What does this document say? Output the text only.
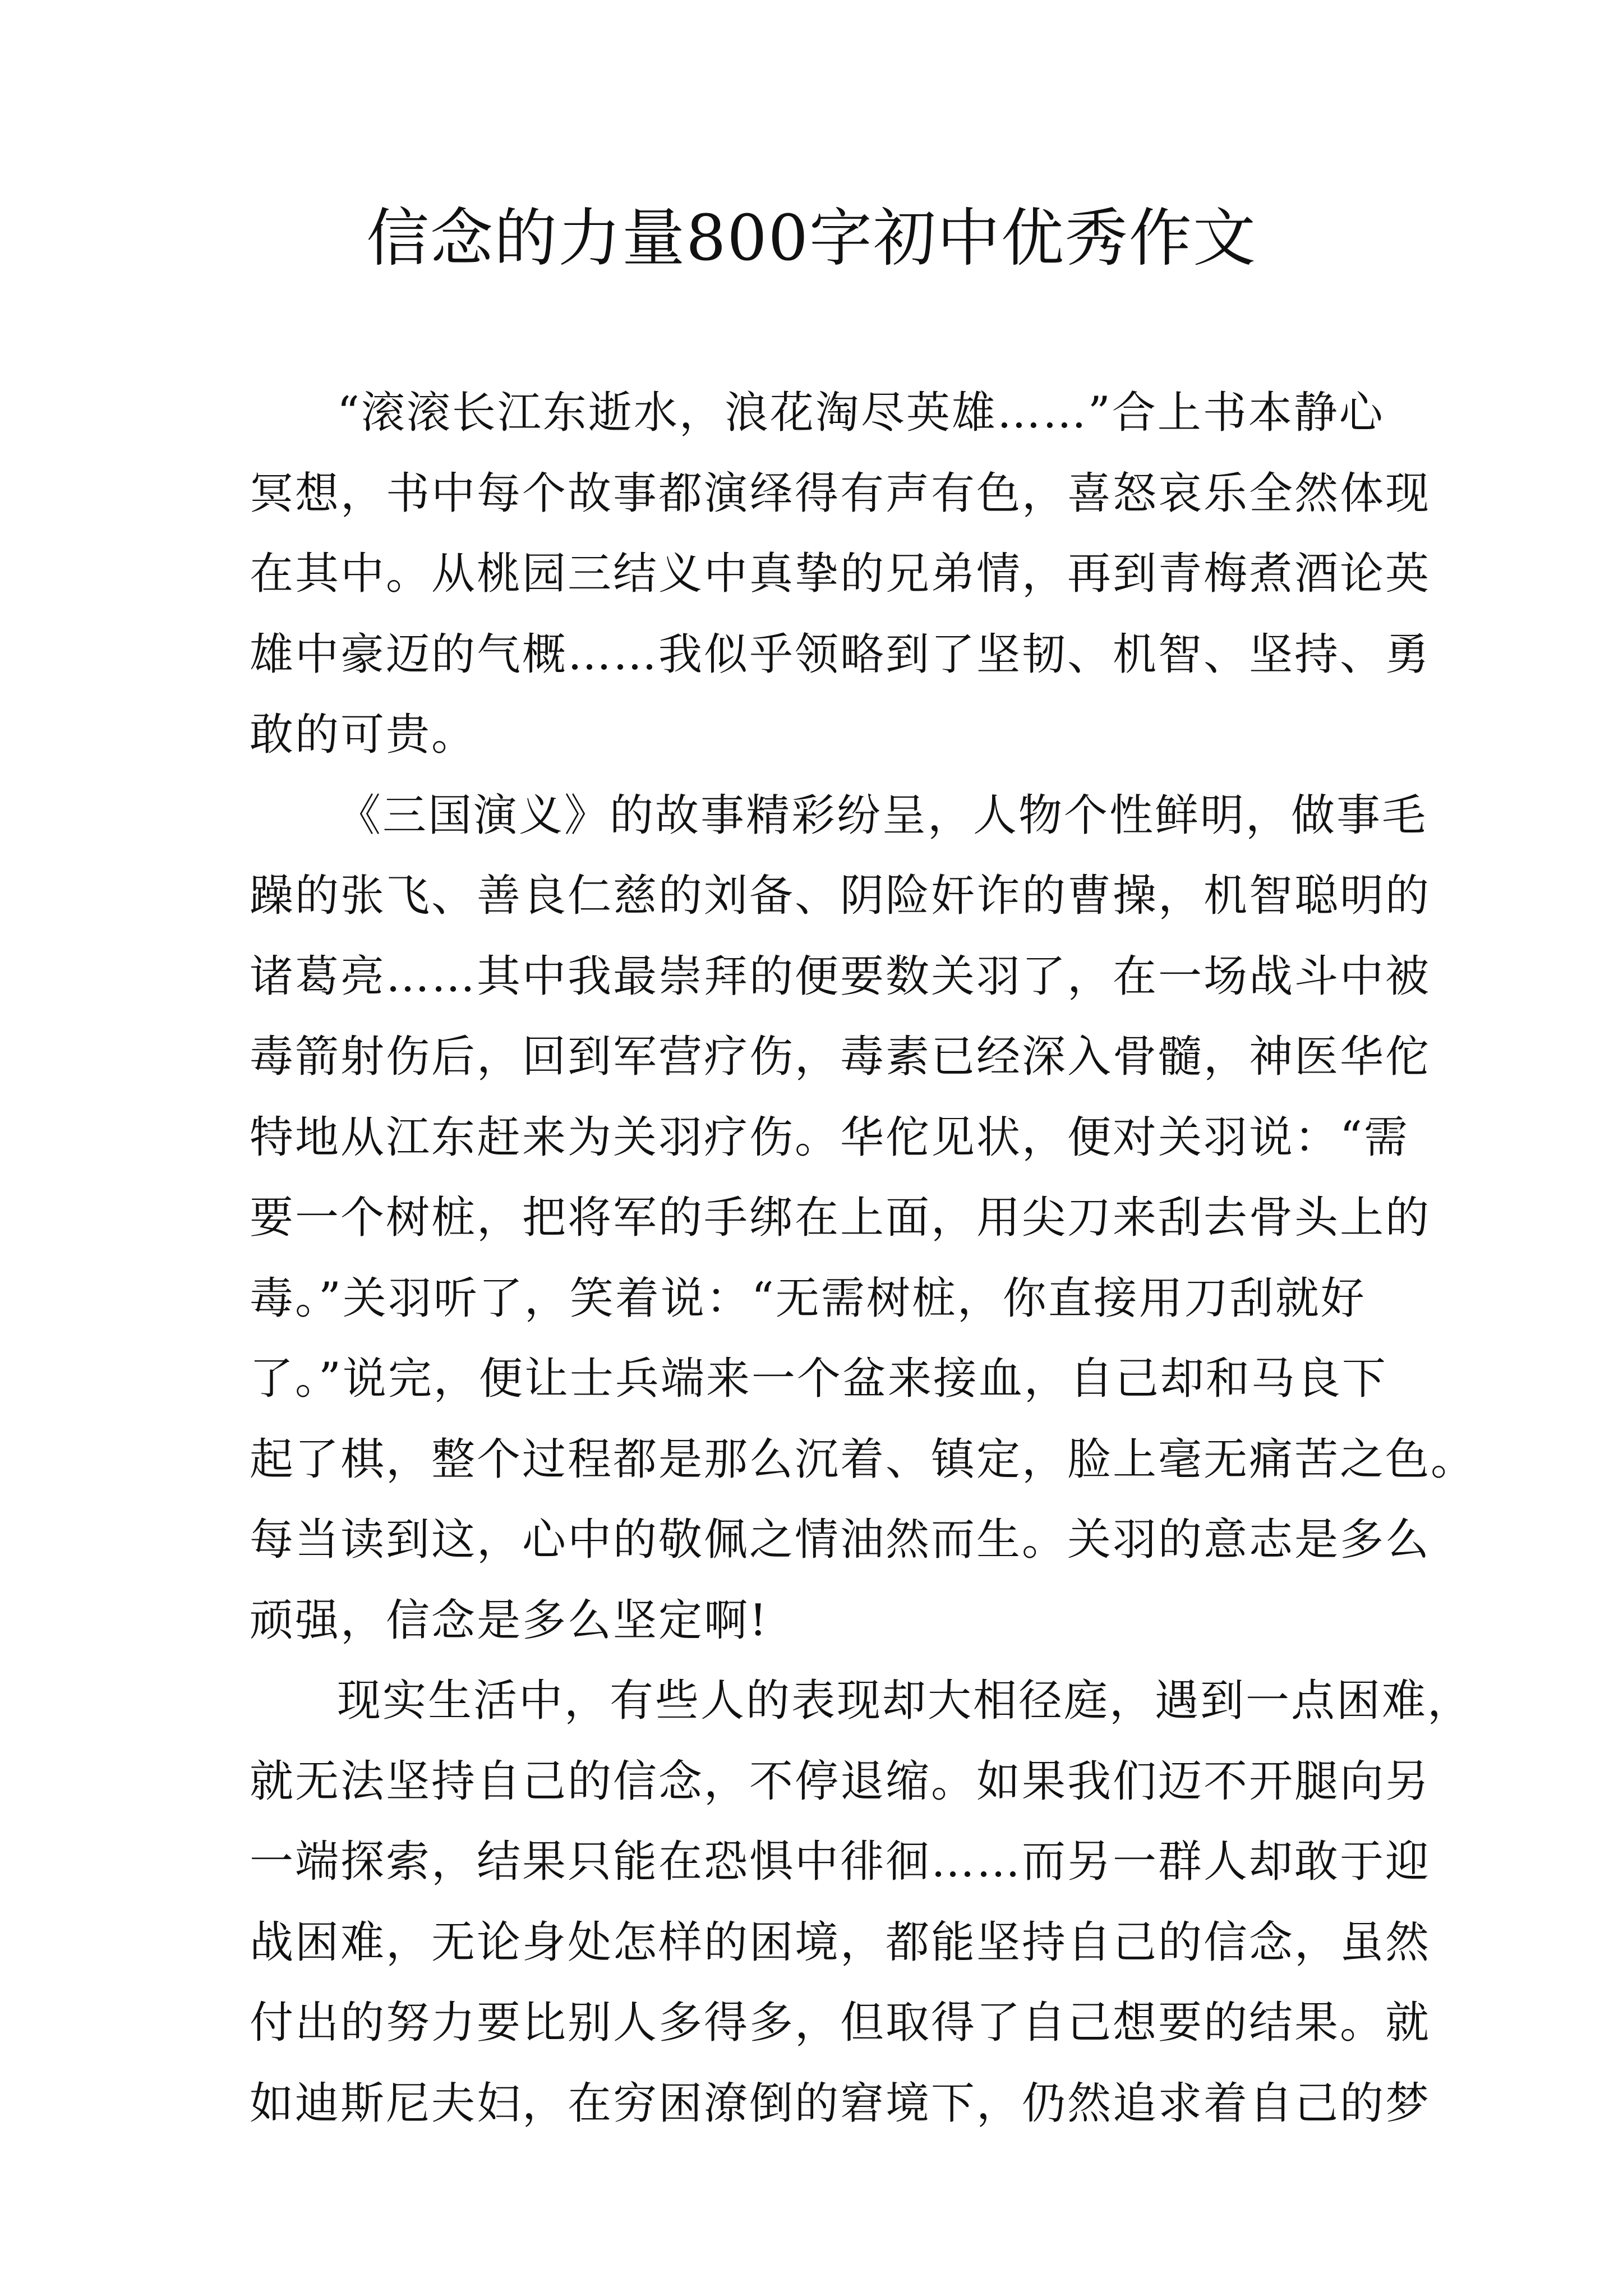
信念的力量800字初中优秀作文
“滚滚长江东逝水，浪花淘尽英雄……”合上书本静心
冥想，书中每个故事都演绎得有声有色，喜怒哀乐全然体现
在其中。从桃园三结义中真挚的兄弟情，再到青梅煮酒论英
雄中豪迈的气概……我似乎领略到了坚韧、机智、坚持、勇
敢的可贵。
《三国演义》的故事精彩纷呈，人物个性鲜明，做事毛
躁的张飞、善良仁慈的刘备、阴险奸诈的曹操，机智聪明的
诸葛亮……其中我最崇拜的便要数关羽了，在一场战斗中被
毒箭射伤后，回到军营疗伤，毒素已经深入骨髓，神医华佗
特地从江东赶来为关羽疗伤。华佗见状，便对关羽说：“需
要一个树桩，把将军的手绑在上面，用尖刀来刮去骨头上的
毒。”关羽听了，笑着说：“无需树桩，你直接用刀刮就好
了。”说完，便让士兵端来一个盆来接血，自己却和马良下
起了棋，整个过程都是那么沉着、镇定，脸上毫无痛苦之色。
每当读到这，心中的敬佩之情油然而生。关羽的意志是多么
顽强，信念是多么坚定啊!
现实生活中，有些人的表现却大相径庭，遇到一点困难，
就无法坚持自己的信念，不停退缩。如果我们迈不开腿向另
一端探索，结果只能在恐惧中徘徊……而另一群人却敢于迎
战困难，无论身处怎样的困境，都能坚持自己的信念，虽然
付出的努力要比别人多得多，但取得了自己想要的结果。就
如迪斯尼夫妇，在穷困潦倒的窘境下，仍然追求着自己的梦
